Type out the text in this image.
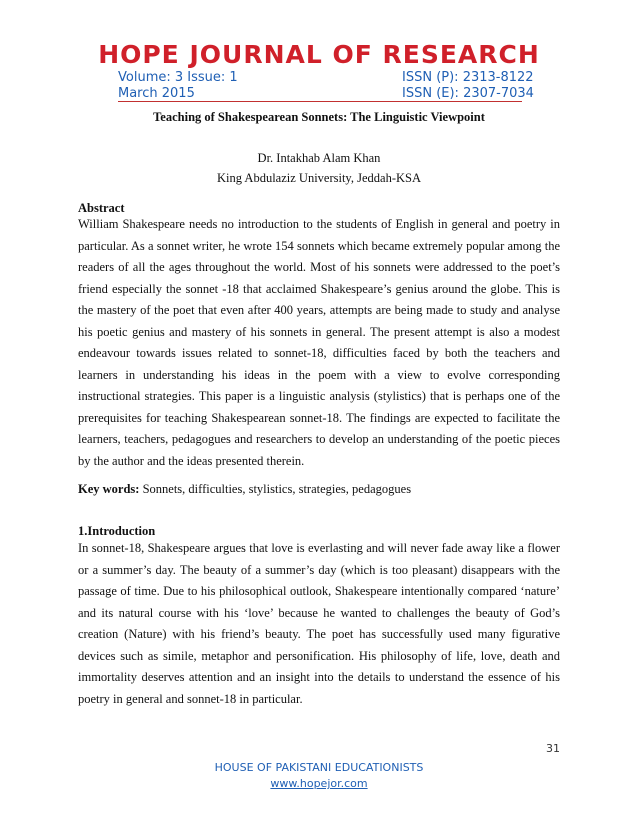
HOPE JOURNAL OF RESEARCH
Volume: 3 Issue: 1	ISSN (P): 2313-8122
March 2015	ISSN (E): 2307-7034
Teaching of Shakespearean Sonnets: The Linguistic Viewpoint
Dr. Intakhab Alam Khan
King Abdulaziz University, Jeddah-KSA
Abstract
William Shakespeare needs no introduction to the students of English in general and poetry in particular. As a sonnet writer, he wrote 154 sonnets which became extremely popular among the readers of all the ages throughout the world. Most of his sonnets were addressed to the poet’s friend especially the sonnet -18 that acclaimed Shakespeare’s genius around the globe. This is the mastery of the poet that even after 400 years, attempts are being made to study and analyse his poetic genius and mastery of his sonnets in general. The present attempt is also a modest endeavour towards issues related to sonnet-18, difficulties faced by both the teachers and learners in understanding his ideas in the poem with a view to evolve corresponding instructional strategies. This paper is a linguistic analysis (stylistics) that is perhaps one of the prerequisites for teaching Shakespearean sonnet-18. The findings are expected to facilitate the learners, teachers, pedagogues and researchers to develop an understanding of the poetic pieces by the author and the ideas presented therein.
Key words: Sonnets, difficulties, stylistics, strategies, pedagogues
1.Introduction
In sonnet-18, Shakespeare argues that love is everlasting and will never fade away like a flower or a summer’s day. The beauty of a summer’s day (which is too pleasant) disappears with the passage of time. Due to his philosophical outlook, Shakespeare intentionally compared ‘nature’ and its natural course with his ‘love’ because he wanted to challenges the beauty of God’s creation (Nature) with his friend’s beauty. The poet has successfully used many figurative devices such as simile, metaphor and personification. His philosophy of life, love, death and immortality deserves attention and an insight into the details to understand the essence of his poetry in general and sonnet-18 in particular.
31
HOUSE OF PAKISTANI EDUCATIONISTS
www.hopejor.com
